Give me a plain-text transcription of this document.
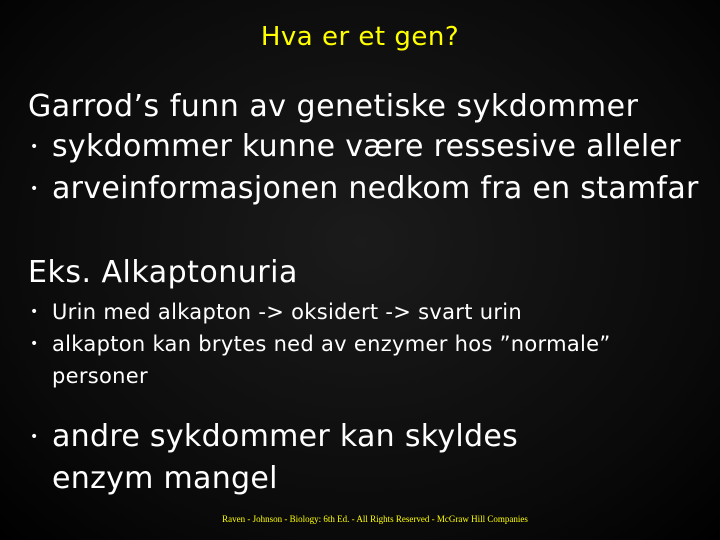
Hva er et gen?
Garrod’s funn av genetiske sykdommer
• sykdommer kunne være ressesive alleler
• arveinformasjonen nedkom fra en stamfar
Eks. Alkaptonuria
• Urin med alkapton -> oksidert -> svart urin
• alkapton kan brytes ned av enzymer hos ”normale” personer
• andre sykdommer kan skyldes enzym mangel
Raven - Johnson - Biology: 6th Ed. - All Rights Reserved - McGraw Hill Companies
